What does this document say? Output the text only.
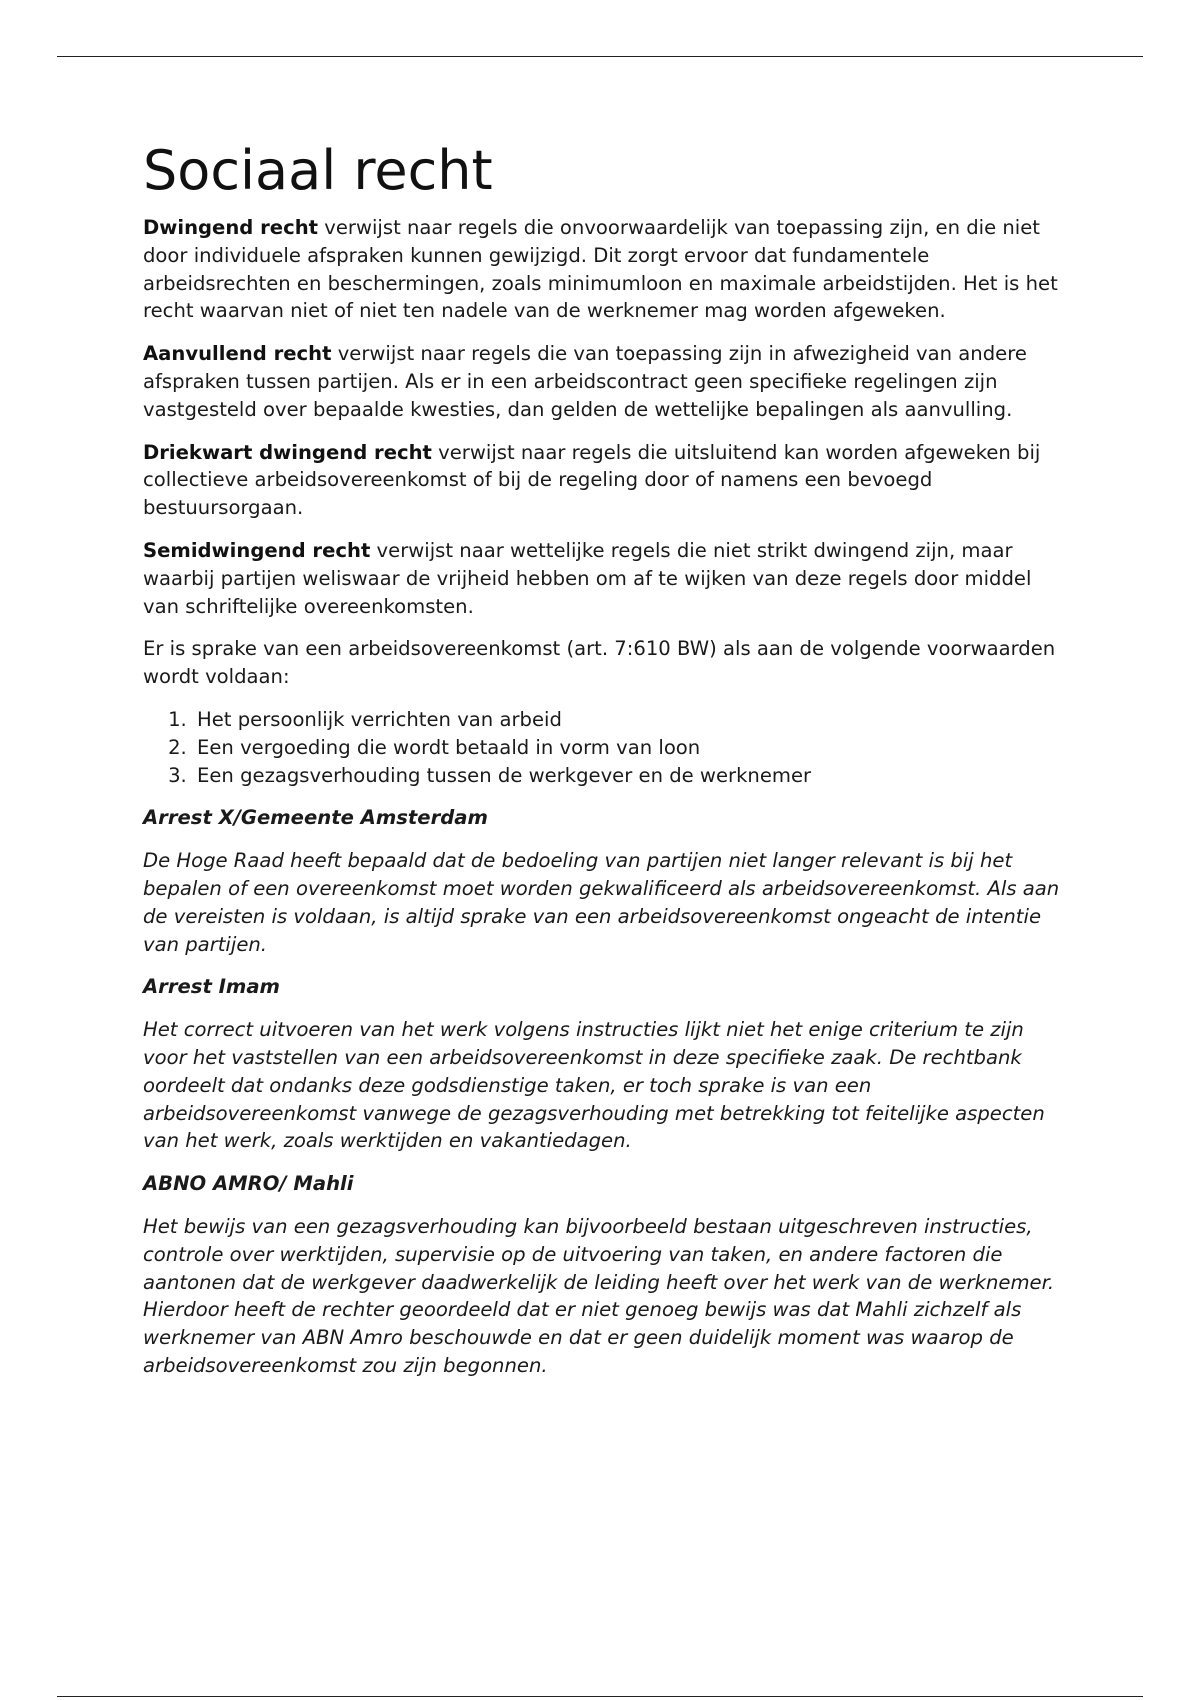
Sociaal recht

Dwingend recht verwijst naar regels die onvoorwaardelijk van toepassing zijn, en die niet door individuele afspraken kunnen gewijzigd. Dit zorgt ervoor dat fundamentele arbeidsrechten en beschermingen, zoals minimumloon en maximale arbeidstijden. Het is het recht waarvan niet of niet ten nadele van de werknemer mag worden afgeweken.

Aanvullend recht verwijst naar regels die van toepassing zijn in afwezigheid van andere afspraken tussen partijen. Als er in een arbeidscontract geen specifieke regelingen zijn vastgesteld over bepaalde kwesties, dan gelden de wettelijke bepalingen als aanvulling.

Driekwart dwingend recht verwijst naar regels die uitsluitend kan worden afgeweken bij collectieve arbeidsovereenkomst of bij de regeling door of namens een bevoegd bestuursorgaan.

Semidwingend recht verwijst naar wettelijke regels die niet strikt dwingend zijn, maar waarbij partijen weliswaar de vrijheid hebben om af te wijken van deze regels door middel van schriftelijke overeenkomsten.

Er is sprake van een arbeidsovereenkomst (art. 7:610 BW) als aan de volgende voorwaarden wordt voldaan:

1. Het persoonlijk verrichten van arbeid
2. Een vergoeding die wordt betaald in vorm van loon
3. Een gezagsverhouding tussen de werkgever en de werknemer
Arrest X/Gemeente Amsterdam

De Hoge Raad heeft bepaald dat de bedoeling van partijen niet langer relevant is bij het bepalen of een overeenkomst moet worden gekwalificeerd als arbeidsovereenkomst. Als aan de vereisten is voldaan, is altijd sprake van een arbeidsovereenkomst ongeacht de intentie van partijen.

Arrest Imam

Het correct uitvoeren van het werk volgens instructies lijkt niet het enige criterium te zijn voor het vaststellen van een arbeidsovereenkomst in deze specifieke zaak. De rechtbank oordeelt dat ondanks deze godsdienstige taken, er toch sprake is van een arbeidsovereenkomst vanwege de gezagsverhouding met betrekking tot feitelijke aspecten van het werk, zoals werktijden en vakantiedagen.

ABNO AMRO/ Mahli

Het bewijs van een gezagsverhouding kan bijvoorbeeld bestaan uitgeschreven instructies, controle over werktijden, supervisie op de uitvoering van taken, en andere factoren die aantonen dat de werkgever daadwerkelijk de leiding heeft over het werk van de werknemer. Hierdoor heeft de rechter geoordeeld dat er niet genoeg bewijs was dat Mahli zichzelf als werknemer van ABN Amro beschouwde en dat er geen duidelijk moment was waarop de arbeidsovereenkomst zou zijn begonnen.
